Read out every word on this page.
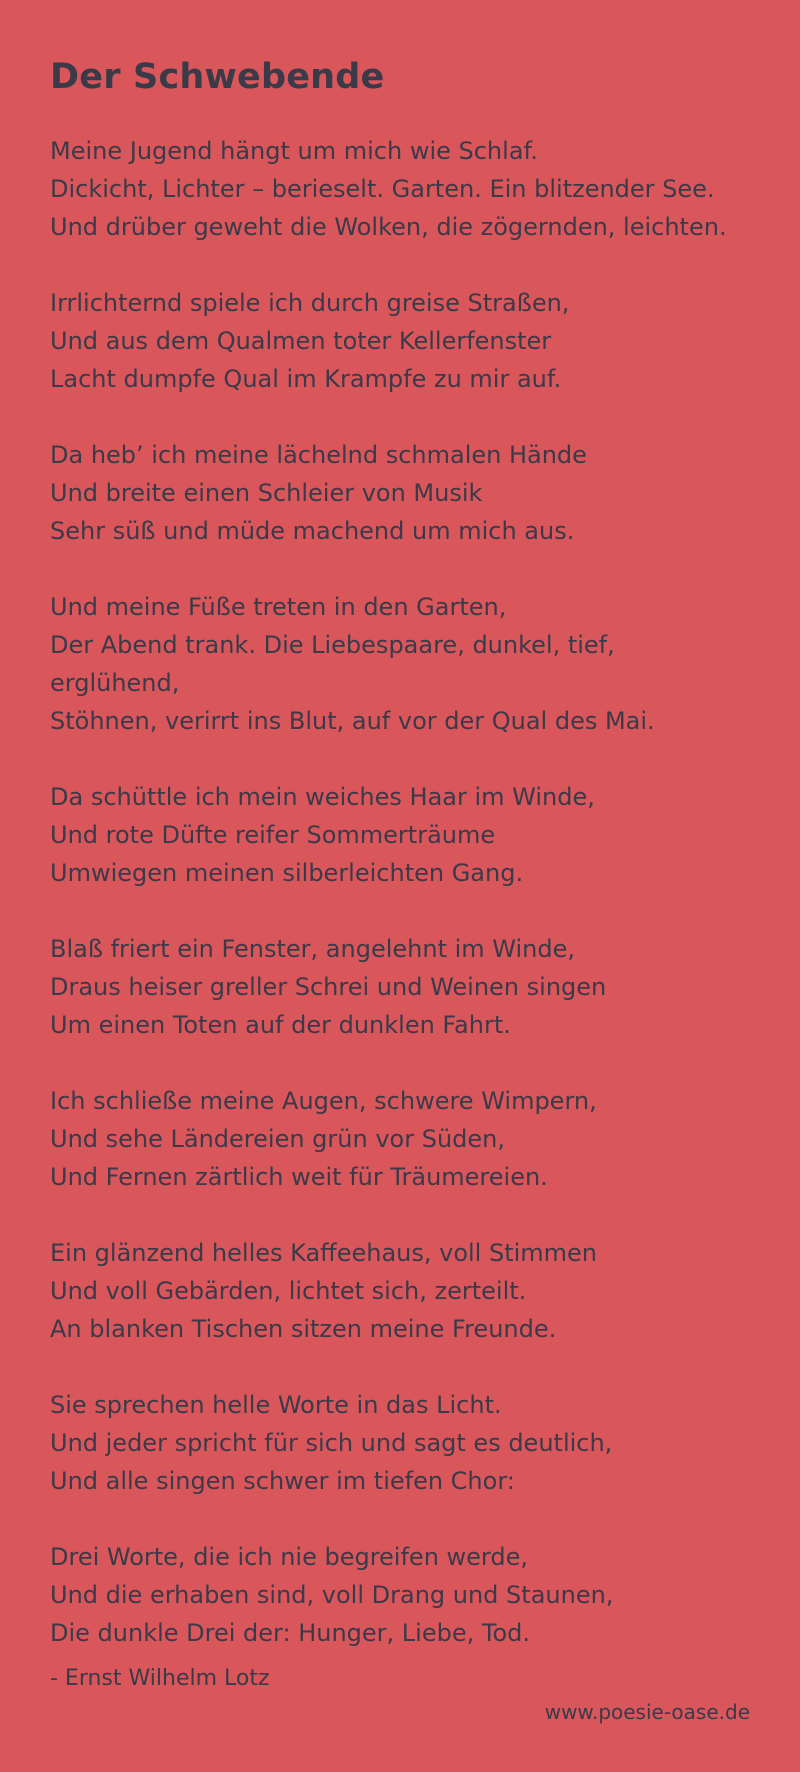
Der Schwebende
Meine Jugend hängt um mich wie Schlaf.
Dickicht, Lichter – berieselt. Garten. Ein blitzender See.
Und drüber geweht die Wolken, die zögernden, leichten.
Irrlichternd spiele ich durch greise Straßen,
Und aus dem Qualmen toter Kellerfenster
Lacht dumpfe Qual im Krampfe zu mir auf.
Da heb’ ich meine lächelnd schmalen Hände
Und breite einen Schleier von Musik
Sehr süß und müde machend um mich aus.
Und meine Füße treten in den Garten,
Der Abend trank. Die Liebespaare, dunkel, tief, erglühend,
Stöhnen, verirrt ins Blut, auf vor der Qual des Mai.
Da schüttle ich mein weiches Haar im Winde,
Und rote Düfte reifer Sommerträume
Umwiegen meinen silberleichten Gang.
Blaß friert ein Fenster, angelehnt im Winde,
Draus heiser greller Schrei und Weinen singen
Um einen Toten auf der dunklen Fahrt.
Ich schließe meine Augen, schwere Wimpern,
Und sehe Ländereien grün vor Süden,
Und Fernen zärtlich weit für Träumereien.
Ein glänzend helles Kaffeehaus, voll Stimmen
Und voll Gebärden, lichtet sich, zerteilt.
An blanken Tischen sitzen meine Freunde.
Sie sprechen helle Worte in das Licht.
Und jeder spricht für sich und sagt es deutlich,
Und alle singen schwer im tiefen Chor:
Drei Worte, die ich nie begreifen werde,
Und die erhaben sind, voll Drang und Staunen,
Die dunkle Drei der: Hunger, Liebe, Tod.
- Ernst Wilhelm Lotz
www.poesie-oase.de
